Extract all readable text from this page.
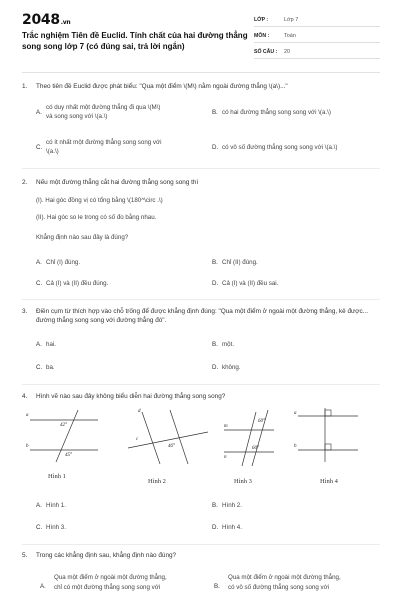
2048.vn
Trắc nghiệm Tiên đề Euclid. Tính chất của hai đường thẳng song song lớp 7 (có đúng sai, trả lời ngắn)
LỚP :	Lớp 7
MÔN :	Toán
SỐ CÂU :	20
1.	Theo tiên đề Euclid được phát biểu: "Qua một điểm \(M\) nằm ngoài đường thẳng \(a\)..."
A.
có duy nhất một đường thẳng đi qua \(M\)
và song song với \(a.\)
B. có hai đường thẳng song song với \(a.\)
C.
có ít nhất một đường thẳng song song với
\(a.\)
D. có vô số đường thẳng song song với \(a.\)
2.	Nếu một đường thẳng cắt hai đường thẳng song song thì
(I). Hai góc đồng vị có tổng bằng \(180^\circ .\)
(II). Hai góc so le trong có số đo bằng nhau.
Khẳng định nào sau đây là đúng?
A. Chỉ (I) đúng.	B. Chỉ (II) đúng.
C. Cả (I) và (II) đều đúng.	D. Cả (I) và (II) đều sai.
3.	Điền cụm từ thích hợp vào chỗ trống để được khẳng định đúng: "Qua một điểm ở ngoài một đường thẳng, kẻ được... đường thẳng song song với đường thẳng đó".
A. hai.	B. một.
C. ba.	D. không.
4.	Hình vẽ nào sau đây không biểu diễn hai đường thẳng song song?
a
b
42°
45°
d
c
46°
m
n
60°
60°
a
b
Hình 1
Hình 2	Hình 3	Hình 4
A. Hình 1.	B. Hình 2.
C. Hình 3.	D. Hình 4.
5.	Trong các khẳng định sau, khẳng định nào đúng?
A.
Qua một điểm ở ngoài một đường thẳng,
chỉ có một đường thẳng song song với	B.
Qua một điểm ở ngoài một đường thẳng,
có vô số đường thẳng song song với
